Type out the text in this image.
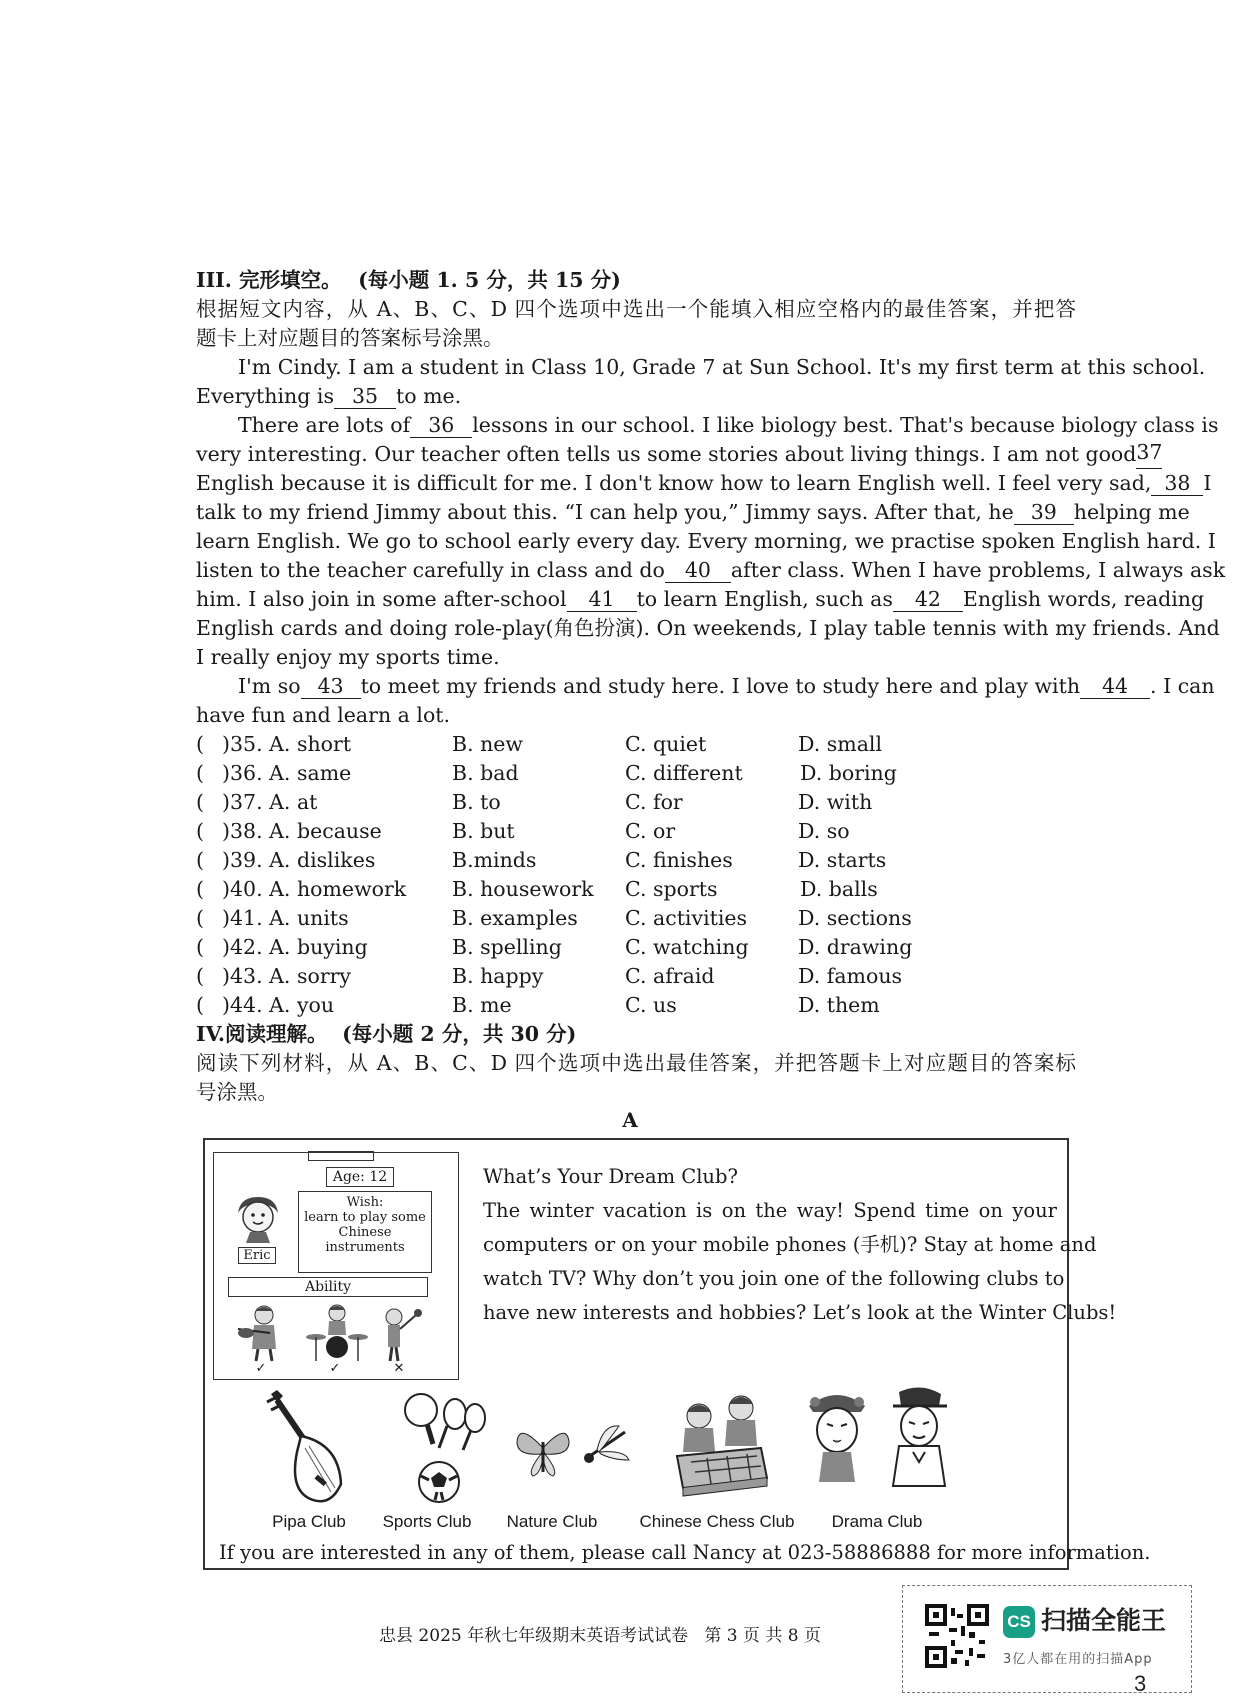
III. 完形填空。 (每小题 1. 5 分，共 15 分)
根据短文内容，从 A、B、C、D 四个选项中选出一个能填入相应空格内的最佳答案，并把答
题卡上对应题目的答案标号涂黑。
I'm Cindy. I am a student in Class 10, Grade 7 at Sun School. It's my first term at this school.
Everything is 35 to me.
There are lots of 36 lessons in our school. I like biology best. That's because biology class is
very interesting. Our teacher often tells us some stories about living things. I am not good 37
English because it is difficult for me. I don't know how to learn English well. I feel very sad, 38 I
talk to my friend Jimmy about this. “I can help you,” Jimmy says. After that, he 39 helping me
learn English. We go to school early every day. Every morning, we practise spoken English hard. I
listen to the teacher carefully in class and do 40 after class. When I have problems, I always ask
him. I also join in some after-school 41	to learn English, such as 42	English words, reading
English cards and doing role-play(角色扮演). On weekends, I play table tennis with my friends. And
I really enjoy my sports time.
I'm so 43 to meet my friends and study here. I love to study here and play with	44 . I can
have fun and learn a lot.
( )35. A. short	B. new	C. quiet	D. small
( )36. A. same	B. bad	C. different	D. boring
( )37. A. at	B. to	C. for	D. with
( )38. A. because	B. but	C. or	D. so
( )39. A. dislikes	B.minds	C. finishes	D. starts
( )40. A. homework B. housework C. sports	D. balls
( )41. A. units	B. examples C. activities D. sections
( )42. A. buying	B. spelling	C. watching D. drawing
( )43. A. sorry	B. happy	C. afraid	D. famous
( )44. A. you	B. me	C. us	D. them
IV.阅读理解。 (每小题 2 分，共 30 分)
阅读下列材料，从 A、B、C、D 四个选项中选出最佳答案，并把答题卡上对应题目的答案标
号涂黑。
A
Age: 12
Eric
Wish:
learn to play some
Chinese
instruments
Ability
✓	✓	✕
What’s Your Dream Club?
The winter vacation is on the way! Spend time on your
computers or on your mobile phones (手机)? Stay at home and
watch TV? Why don’t you join one of the following clubs to
have new interests and hobbies? Let’s look at the Winter Clubs!
Pipa Club Sports Club Nature Club Chinese Chess Club Drama Club
If you are interested in any of them, please call Nancy at 023-58886888 for more information.
忠县 2025 年秋七年级期末英语考试试卷   第 3 页 共 8 页
CS 扫描全能王
3亿人都在用的扫描App
3
